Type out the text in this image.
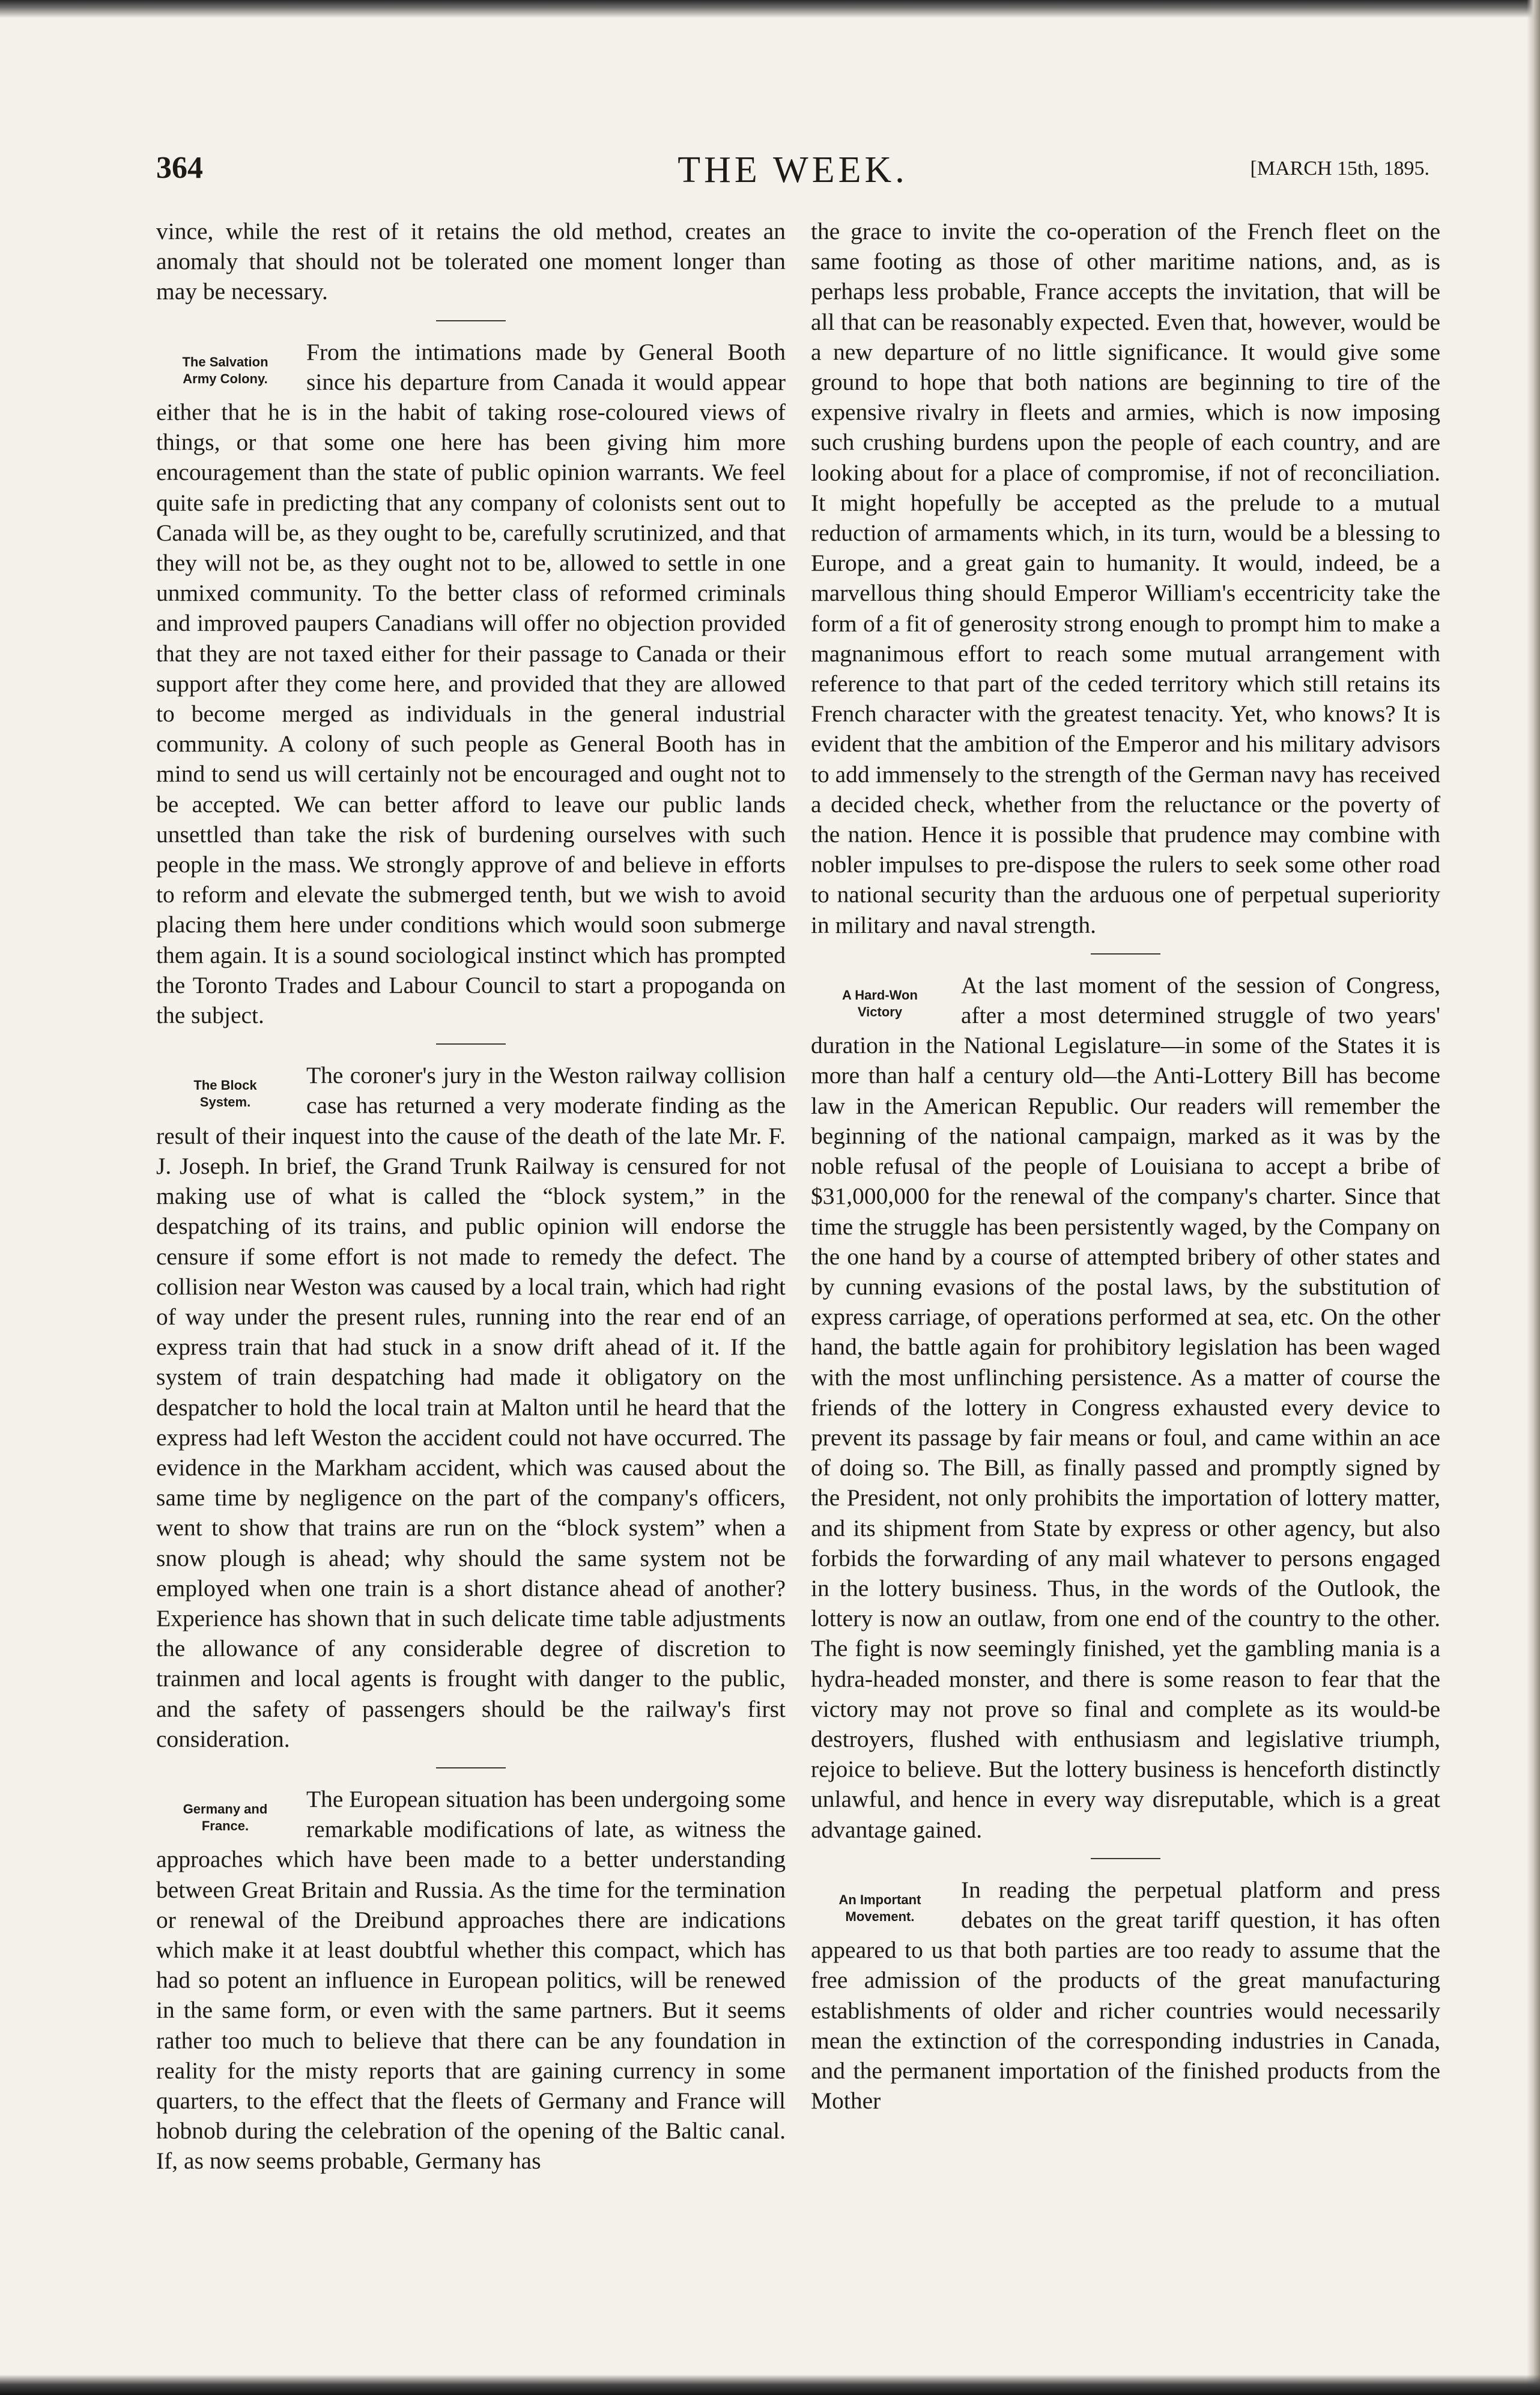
364	THE WEEK.	[MARCH 15th, 1895.

vince, while the rest of it retains the old method, creates an anomaly that should not be tolerated one moment longer than may be necessary.

The Salvation
Army Colony.

From the intimations made by General Booth since his departure from Canada it would appear either that he is in the habit of taking rose-coloured views of things, or that some one here has been giving him more encouragement than the state of public opinion warrants. We feel quite safe in predicting that any company of colonists sent out to Canada will be, as they ought to be, carefully scrutinized, and that they will not be, as they ought not to be, allowed to settle in one unmixed community. To the better class of reformed criminals and improved paupers Canadians will offer no objection provided that they are not taxed either for their passage to Canada or their support after they come here, and provided that they are allowed to become merged as individuals in the general industrial community. A colony of such people as General Booth has in mind to send us will certainly not be encouraged and ought not to be accepted. We can better afford to leave our public lands unsettled than take the risk of burdening ourselves with such people in the mass. We strongly approve of and believe in efforts to reform and elevate the submerged tenth, but we wish to avoid placing them here under conditions which would soon submerge them again. It is a sound sociological instinct which has prompted the Toronto Trades and Labour Council to start a propoganda on the subject.

The Block
System.

The coroner's jury in the Weston railway collision case has returned a very moderate finding as the result of their inquest into the cause of the death of the late Mr. F. J. Joseph. In brief, the Grand Trunk Railway is censured for not making use of what is called the “block system,” in the despatching of its trains, and public opinion will endorse the censure if some effort is not made to remedy the defect. The collision near Weston was caused by a local train, which had right of way under the present rules, running into the rear end of an express train that had stuck in a snow drift ahead of it. If the system of train despatching had made it obligatory on the despatcher to hold the local train at Malton until he heard that the express had left Weston the accident could not have occurred. The evidence in the Markham accident, which was caused about the same time by negligence on the part of the company's officers, went to show that trains are run on the “block system” when a snow plough is ahead; why should the same system not be employed when one train is a short distance ahead of another? Experience has shown that in such delicate time table adjustments the allowance of any considerable degree of discretion to trainmen and local agents is frought with danger to the public, and the safety of passengers should be the railway's first consideration.

Germany and
France.

The European situation has been undergoing some remarkable modifications of late, as witness the approaches which have been made to a better understanding between Great Britain and Russia. As the time for the termination or renewal of the Dreibund approaches there are indications which make it at least doubtful whether this compact, which has had so potent an influence in European politics, will be renewed in the same form, or even with the same partners. But it seems rather too much to believe that there can be any foundation in reality for the misty reports that are gaining currency in some quarters, to the effect that the fleets of Germany and France will hobnob during the celebration of the opening of the Baltic canal. If, as now seems probable, Germany has

the grace to invite the co-operation of the French fleet on the same footing as those of other maritime nations, and, as is perhaps less probable, France accepts the invitation, that will be all that can be reasonably expected. Even that, however, would be a new departure of no little significance. It would give some ground to hope that both nations are beginning to tire of the expensive rivalry in fleets and armies, which is now imposing such crushing burdens upon the people of each country, and are looking about for a place of compromise, if not of reconciliation. It might hopefully be accepted as the prelude to a mutual reduction of armaments which, in its turn, would be a blessing to Europe, and a great gain to humanity. It would, indeed, be a marvellous thing should Emperor William's eccentricity take the form of a fit of generosity strong enough to prompt him to make a magnanimous effort to reach some mutual arrangement with reference to that part of the ceded territory which still retains its French character with the greatest tenacity. Yet, who knows? It is evident that the ambition of the Emperor and his military advisors to add immensely to the strength of the German navy has received a decided check, whether from the reluctance or the poverty of the nation. Hence it is possible that prudence may combine with nobler impulses to pre-dispose the rulers to seek some other road to national security than the arduous one of perpetual superiority in military and naval strength.

A Hard-Won
Victory

At the last moment of the session of Congress, after a most determined struggle of two years' duration in the National Legislature—in some of the States it is more than half a century old—the Anti-Lottery Bill has become law in the American Republic. Our readers will remember the beginning of the national campaign, marked as it was by the noble refusal of the people of Louisiana to accept a bribe of $31,000,000 for the renewal of the company's charter. Since that time the struggle has been persistently waged, by the Company on the one hand by a course of attempted bribery of other states and by cunning evasions of the postal laws, by the substitution of express carriage, of operations performed at sea, etc. On the other hand, the battle again for prohibitory legislation has been waged with the most unflinching persistence. As a matter of course the friends of the lottery in Congress exhausted every device to prevent its passage by fair means or foul, and came within an ace of doing so. The Bill, as finally passed and promptly signed by the President, not only prohibits the importation of lottery matter, and its shipment from State by express or other agency, but also forbids the forwarding of any mail whatever to persons engaged in the lottery business. Thus, in the words of the Outlook, the lottery is now an outlaw, from one end of the country to the other. The fight is now seemingly finished, yet the gambling mania is a hydra-headed monster, and there is some reason to fear that the victory may not prove so final and complete as its would-be destroyers, flushed with enthusiasm and legislative triumph, rejoice to believe. But the lottery business is henceforth distinctly unlawful, and hence in every way disreputable, which is a great advantage gained.

An Important
Movement.

In reading the perpetual platform and press debates on the great tariff question, it has often appeared to us that both parties are too ready to assume that the free admission of the products of the great manufacturing establishments of older and richer countries would necessarily mean the extinction of the corresponding industries in Canada, and the permanent importation of the finished products from the Mother
